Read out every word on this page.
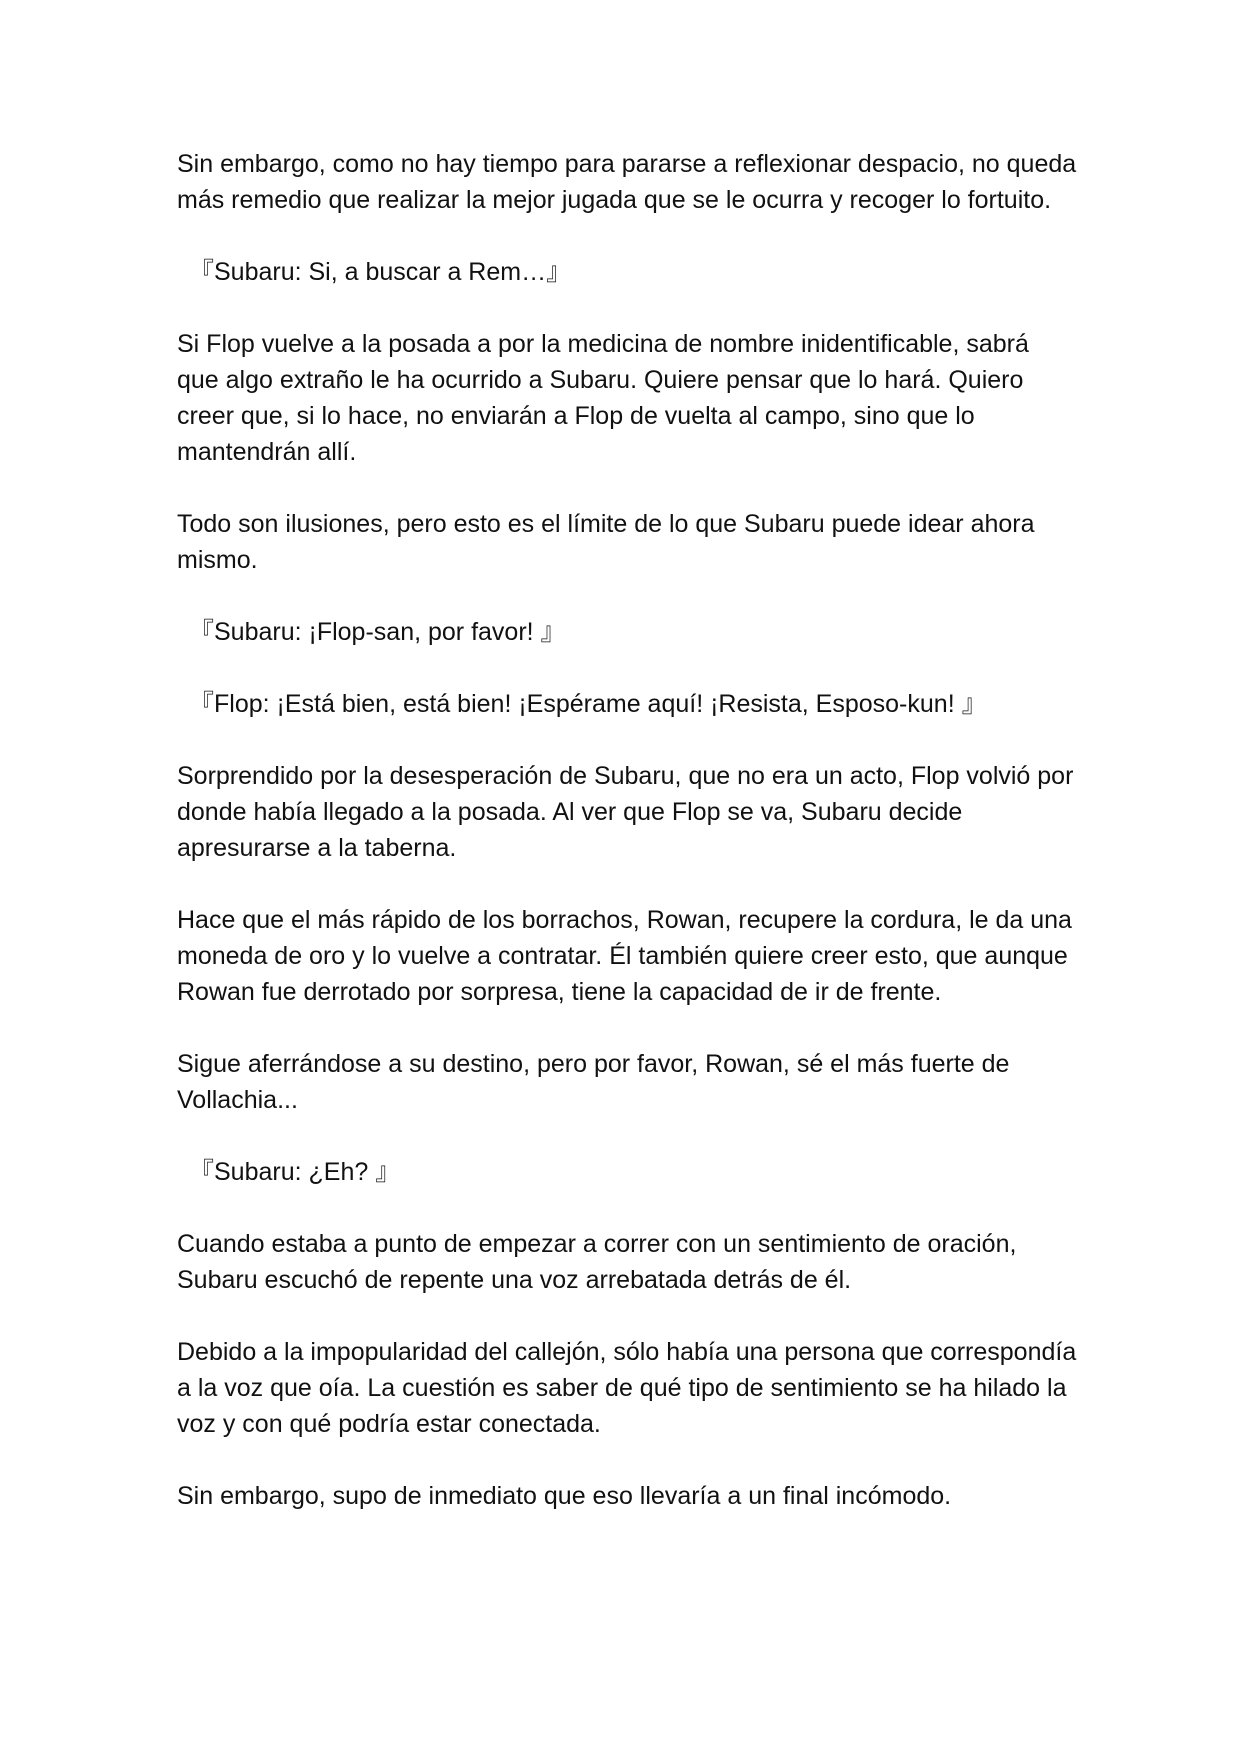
Sin embargo, como no hay tiempo para pararse a reflexionar despacio, no queda más remedio que realizar la mejor jugada que se le ocurra y recoger lo fortuito.

『Subaru: Si, a buscar a Rem…』

Si Flop vuelve a la posada a por la medicina de nombre inidentificable, sabrá que algo extraño le ha ocurrido a Subaru. Quiere pensar que lo hará. Quiero creer que, si lo hace, no enviarán a Flop de vuelta al campo, sino que lo mantendrán allí.

Todo son ilusiones, pero esto es el límite de lo que Subaru puede idear ahora mismo.

『Subaru: ¡Flop-san, por favor! 』

『Flop: ¡Está bien, está bien! ¡Espérame aquí! ¡Resista, Esposo-kun! 』

Sorprendido por la desesperación de Subaru, que no era un acto, Flop volvió por donde había llegado a la posada. Al ver que Flop se va, Subaru decide apresurarse a la taberna.

Hace que el más rápido de los borrachos, Rowan, recupere la cordura, le da una moneda de oro y lo vuelve a contratar. Él también quiere creer esto, que aunque Rowan fue derrotado por sorpresa, tiene la capacidad de ir de frente.

Sigue aferrándose a su destino, pero por favor, Rowan, sé el más fuerte de Vollachia...

『Subaru: ¿Eh? 』

Cuando estaba a punto de empezar a correr con un sentimiento de oración, Subaru escuchó de repente una voz arrebatada detrás de él.

Debido a la impopularidad del callejón, sólo había una persona que correspondía a la voz que oía. La cuestión es saber de qué tipo de sentimiento se ha hilado la voz y con qué podría estar conectada.

Sin embargo, supo de inmediato que eso llevaría a un final incómodo.
